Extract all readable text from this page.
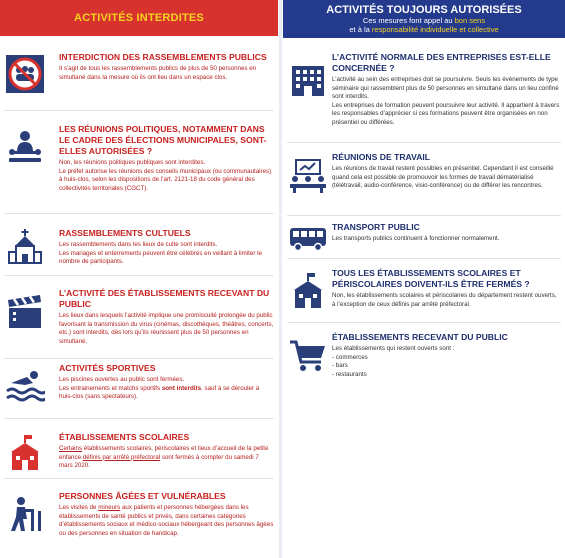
ACTIVITÉS INTERDITES
INTERDICTION DES RASSEMBLEMENTS PUBLICS
Il s’agit de tous les rassemblements publics de plus de 50 personnes en simultané dans la mesure où ils ont lieu dans un espace clos.
LES RÉUNIONS POLITIQUES, NOTAMMENT DANS LE CADRE DES ÉLECTIONS MUNICIPALES, SONT-ELLES AUTORISÉES ?
Non, les réunions politiques publiques sont interdites.
Le préfet autorise les réunions des conseils municipaux (ou communautaires) à huis-clos, selon les dispositions de l’art. 2121-18 du code général des collectivités territoriales (CGCT).
RASSEMBLEMENTS CULTUELS
Les rassemblements dans les lieux de culte sont interdits.
Les mariages et enterrements peuvent être célébrés en veillant à limiter le nombre de participants.
L’ACTIVITÉ DES ÉTABLISSEMENTS RECEVANT DU PUBLIC
Les lieux dans lesquels l’activité implique une promiscuité prolongée du public favorisant la transmission du virus (cinémas, discothèques, théâtres, concerts, etc.) sont interdits, dès lors qu’ils réunissent plus de 50 personnes en simultané.
ACTIVITÉS SPORTIVES
Les piscines ouvertes au public sont fermées.
Les entrainements et matchs sportifs sont interdits, sauf à se dérouler à huis-clos (sans spectateurs).
ÉTABLISSEMENTS SCOLAIRES
Certains établissements scolaires, périscolaires et lieux d’accueil de la petite enfance définis par arrêté préfectoral sont fermés à compter du samedi 7 mars 2020.
PERSONNES ÂGÉES ET VULNÉRABLES
Les visites de mineurs aux patients et personnes hébergées dans les établissements de santé publics et privés, dans certaines catégories d’établissements sociaux et médico-sociaux hébergeant des personnes âgées ou des personnes en situation de handicap.
ACTIVITÉS TOUJOURS AUTORISÉES
Ces mesures font appel au bon sens
et à la responsabilité individuelle et collective
L’ACTIVITÉ NORMALE DES ENTREPRISES EST-ELLE CONCERNÉE ?
L’activité au sein des entreprises doit se poursuivre. Seuls les évènements de type séminaire qui rassemblent plus de 50 personnes en simultané dans un lieu confiné sont interdits.
Les entreprises de formation peuvent poursuivre leur activité. Il appartient à travers les responsables d’apprécier si ces formations peuvent être organisées en non présentiel ou différées.
RÉUNIONS DE TRAVAIL
Les réunions de travail restent possibles en présentiel. Cependant il est conseillé quand cela est possible de promouvoir les formes de travail dématérialisé (télétravail, audio-conférence, visio-conférence) ou de différer les rencontres.
TRANSPORT PUBLIC
Les transports publics continuent à fonctionner normalement.
TOUS LES ÉTABLISSEMENTS SCOLAIRES ET PÉRISCOLAIRES DOIVENT-ILS ÊTRE FERMÉS ?
Non, les établissements scolaires et périscolaires du département restent ouverts, à l’exception de ceux définis par arrêté préfectoral.
ÉTABLISSEMENTS RECEVANT DU PUBLIC
Les établissements qui restent ouverts sont :
- commerces
- bars
- restaurants
